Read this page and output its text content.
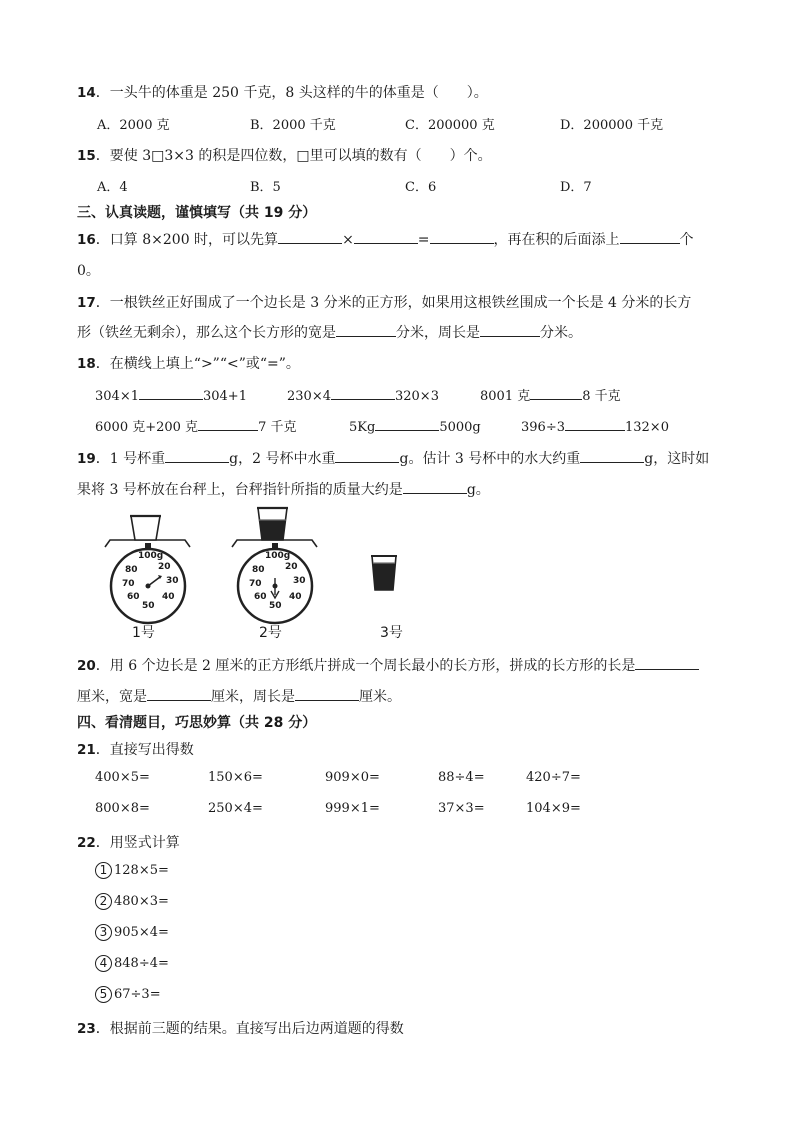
14．一头牛的体重是 250 千克，8 头这样的牛的体重是（　　）。
A．2000 克	B．2000 千克	C．200000 克	D．200000 千克
15．要使 3□3×3 的积是四位数，□里可以填的数有（　　）个。
A．4	B．5	C．6	D．7
三、认真读题，谨慎填写（共 19 分）
16．口算 8×200 时，可以先算	×	=	，再在积的后面添上	个
0。
17．一根铁丝正好围成了一个边长是 3 分米的正方形，如果用这根铁丝围成一个长是 4 分米的长方
形（铁丝无剩余），那么这个长方形的宽是	分米，周长是	分米。
18．在横线上填上“>”“<”或“=”。
304×1	304+1	230×4	320×3	8001 克	8 千克
6000 克+200 克	7 千克	5Kg	5000g	396÷3	132×0
19．1 号杯重	g，2 号杯中水重	g。估计 3 号杯中的水大约重	g，这时如
果将 3 号杯放在台秤上，台秤指针所指的质量大约是	g。
100g
20
30
40
50
60
70
80
100g
20
30
40
50
60
70
80
1号	2号	3号
20．用 6 个边长是 2 厘米的正方形纸片拼成一个周长最小的长方形，拼成的长方形的长是
厘米，宽是	厘米，周长是	厘米。
四、看清题目，巧思妙算（共 28 分）
21．直接写出得数
400×5=	150×6=	909×0=	88÷4=	420÷7=
800×8=	250×4=	999×1=	37×3=	104×9=
22．用竖式计算
1 128×5=
2 480×3=
3 905×4=
4 848÷4=
5 67÷3=
23．根据前三题的结果。直接写出后边两道题的得数
